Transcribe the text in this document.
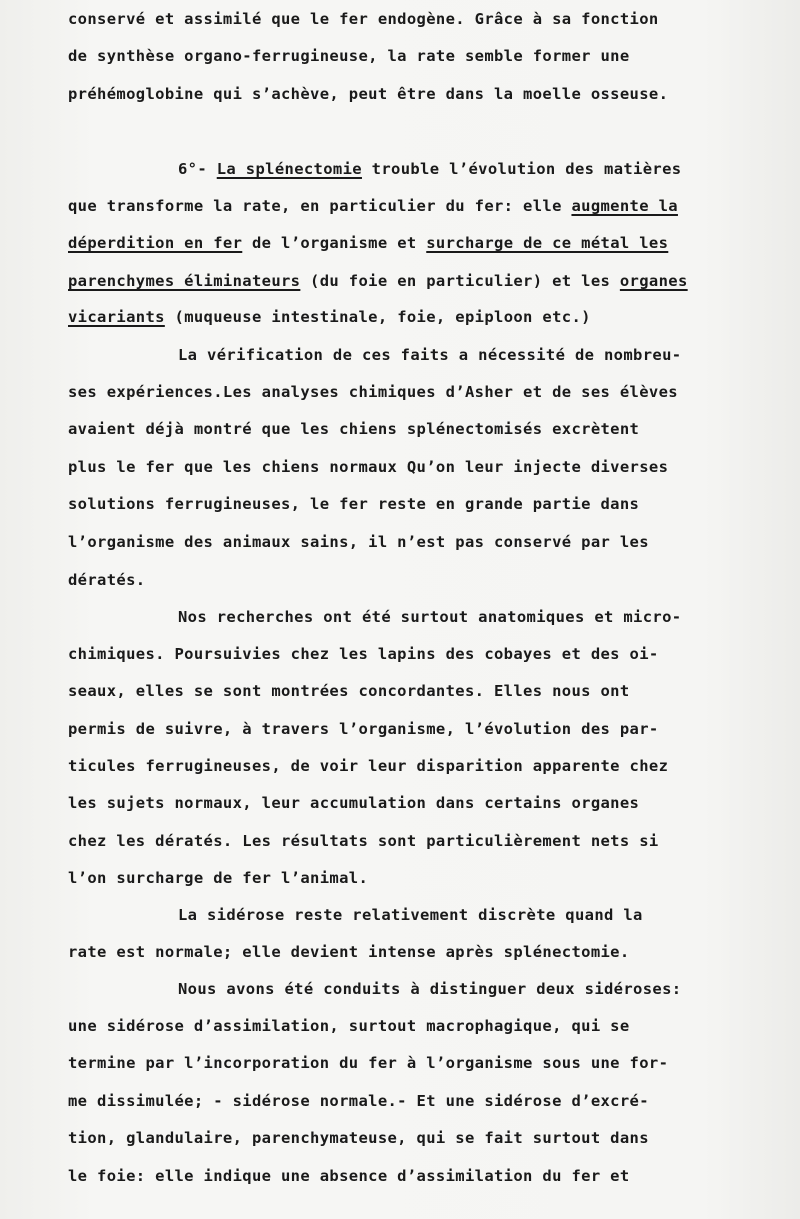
conservé et assimilé que le fer endogène. Grâce à sa fonction
de synthèse organo-ferrugineuse, la rate semble former une
préhémoglobine qui s’achève, peut être dans la moelle osseuse.
6°- La splénectomie trouble l’évolution des matières
que transforme la rate, en particulier du fer: elle augmente la
déperdition en fer de l’organisme et surcharge de ce métal les
parenchymes éliminateurs (du foie en particulier) et les organes
vicariants (muqueuse intestinale, foie, epiploon etc.)
La vérification de ces faits a nécessité de nombreu-
ses expériences.Les analyses chimiques d’Asher et de ses élèves
avaient déjà montré que les chiens splénectomisés excrètent
plus le fer que les chiens normaux Qu’on leur injecte diverses
solutions ferrugineuses, le fer reste en grande partie dans
l’organisme des animaux sains, il n’est pas conservé par les
dératés.
Nos recherches ont été surtout anatomiques et micro-
chimiques. Poursuivies chez les lapins des cobayes et des oi-
seaux, elles se sont montrées concordantes. Elles nous ont
permis de suivre, à travers l’organisme, l’évolution des par-
ticules ferrugineuses, de voir leur disparition apparente chez
les sujets normaux, leur accumulation dans certains organes
chez les dératés. Les résultats sont particulièrement nets si
l’on surcharge de fer l’animal.
La sidérose reste relativement discrète quand la
rate est normale; elle devient intense après splénectomie.
Nous avons été conduits à distinguer deux sidéroses:
une sidérose d’assimilation, surtout macrophagique, qui se
termine par l’incorporation du fer à l’organisme sous une for-
me dissimulée; - sidérose normale.- Et une sidérose d’excré-
tion, glandulaire, parenchymateuse, qui se fait surtout dans
le foie: elle indique une absence d’assimilation du fer et
